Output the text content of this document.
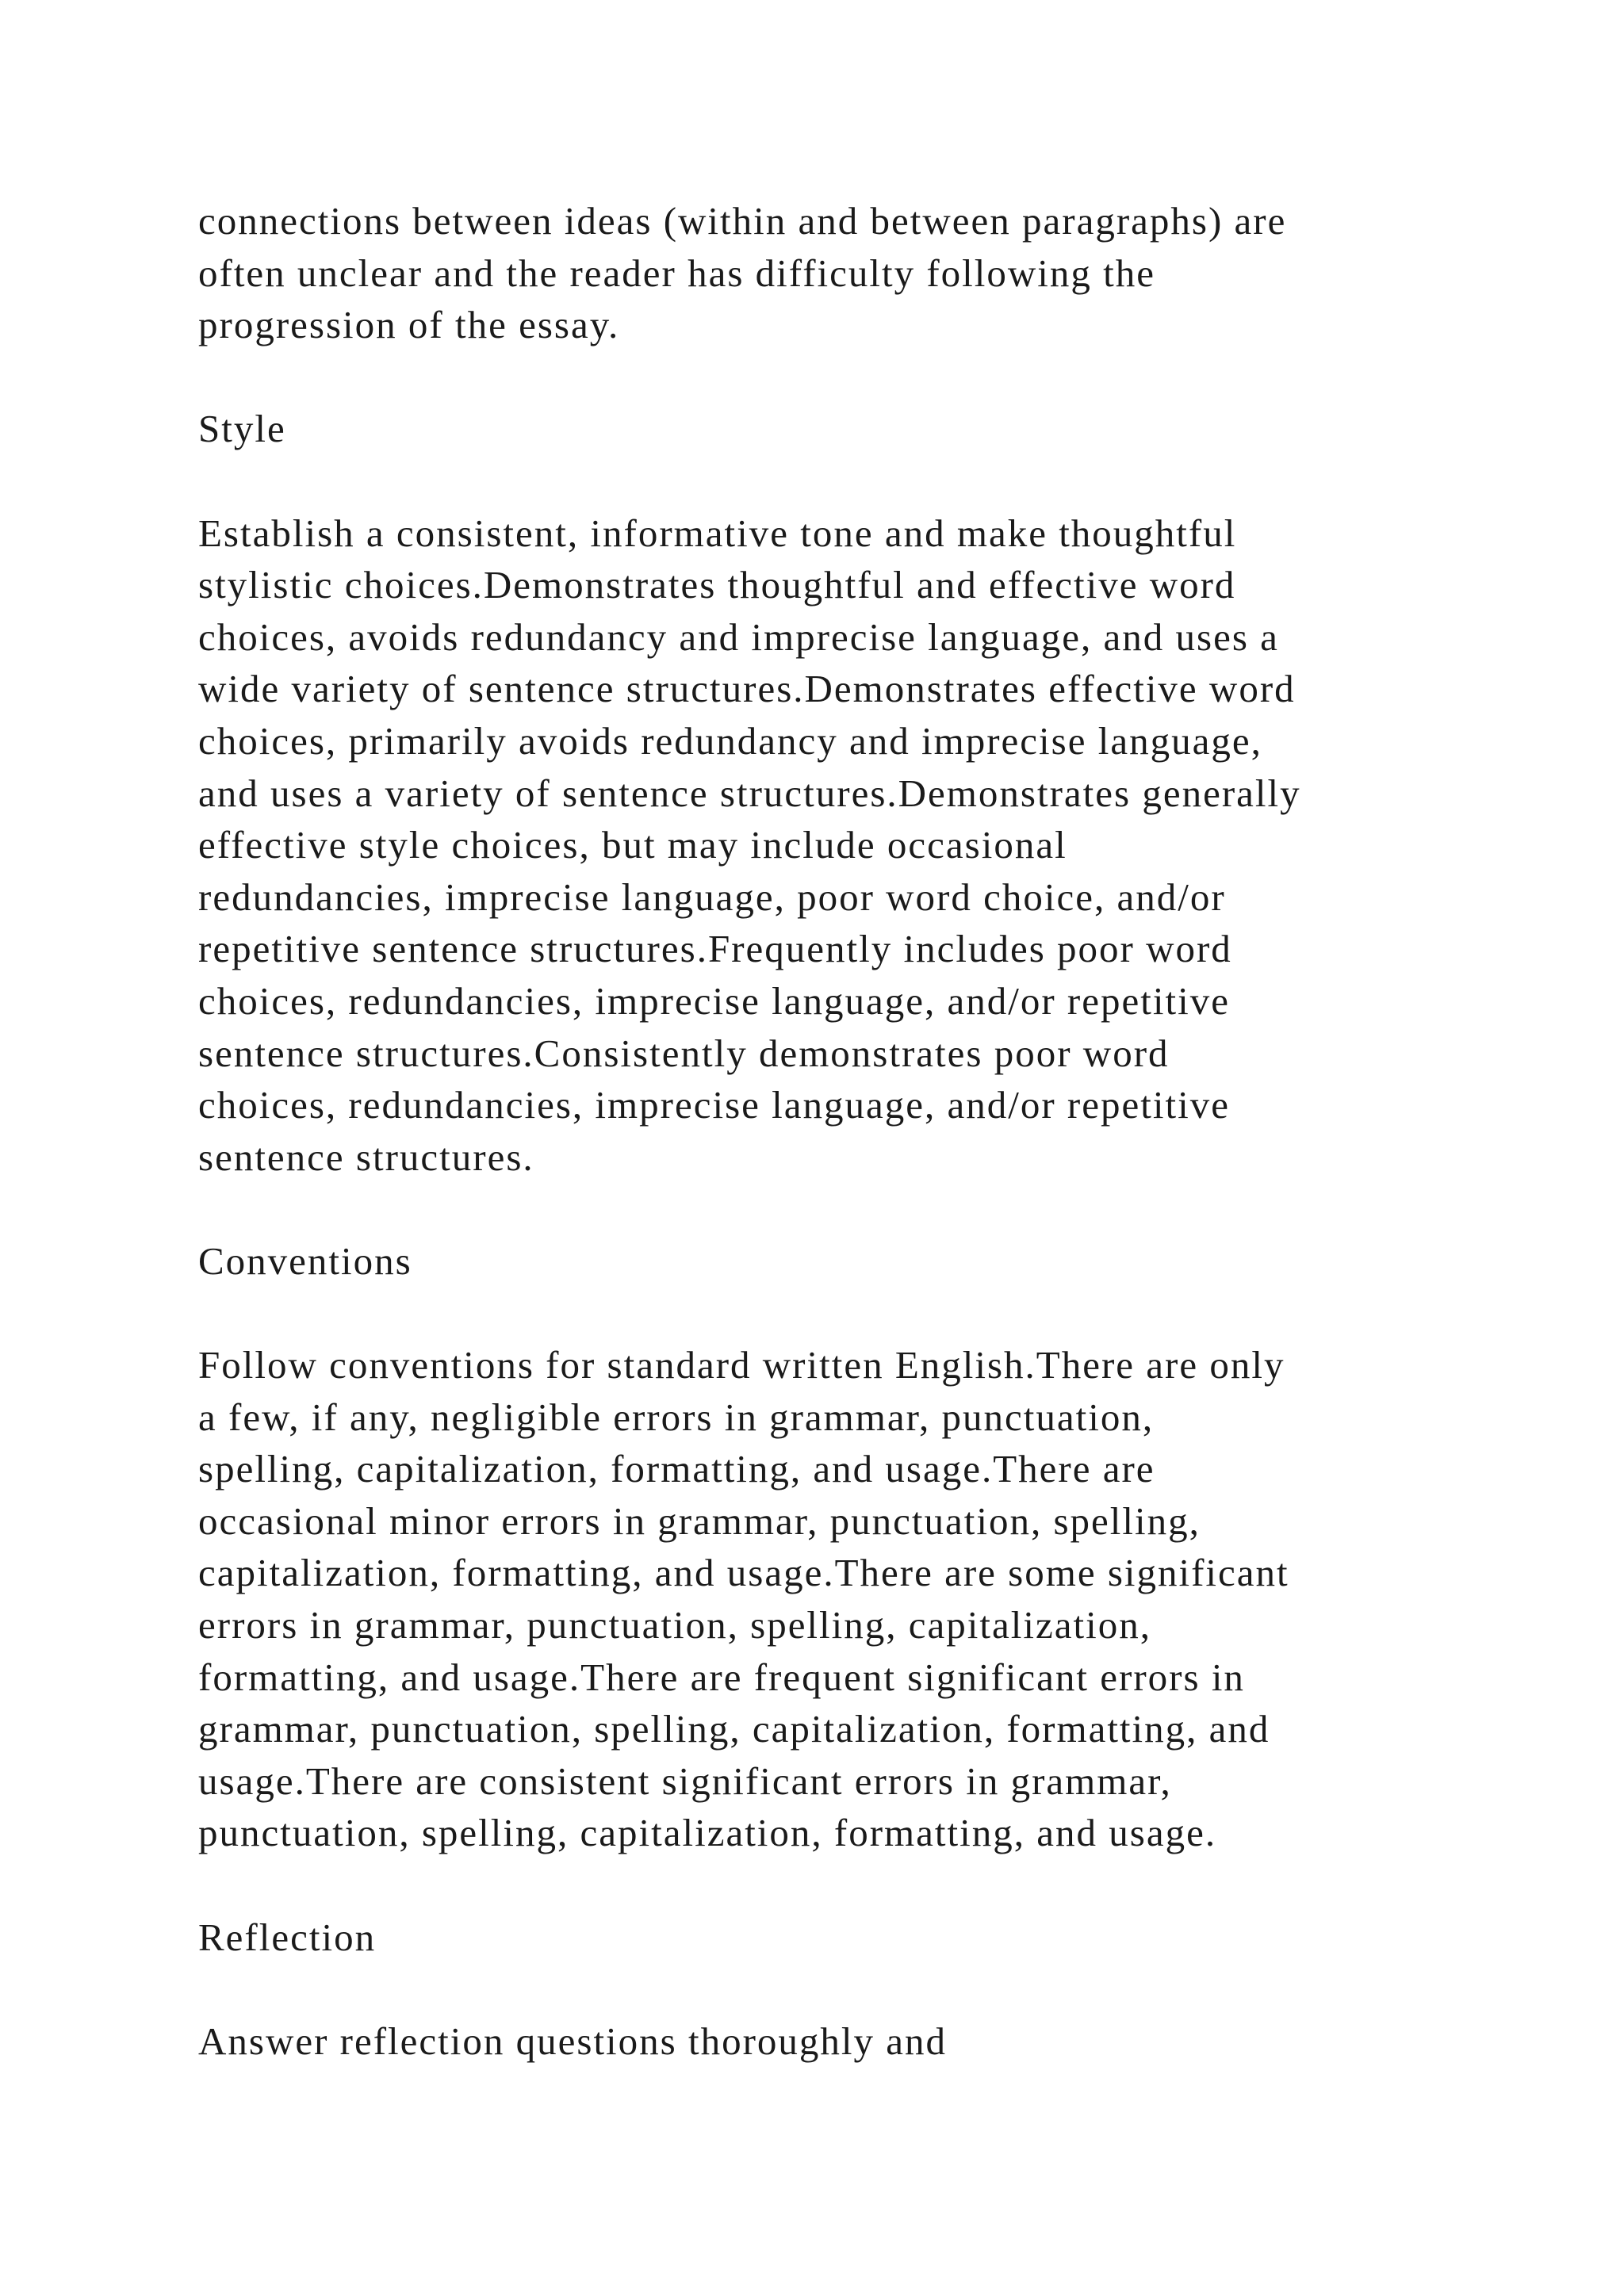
connections between ideas (within and between paragraphs) are
often unclear and the reader has difficulty following the
progression of the essay.
Style
Establish a consistent, informative tone and make thoughtful
stylistic choices.Demonstrates thoughtful and effective word
choices, avoids redundancy and imprecise language, and uses a
wide variety of sentence structures.Demonstrates effective word
choices, primarily avoids redundancy and imprecise language,
and uses a variety of sentence structures.Demonstrates generally
effective style choices, but may include occasional
redundancies, imprecise language, poor word choice, and/or
repetitive sentence structures.Frequently includes poor word
choices, redundancies, imprecise language, and/or repetitive
sentence structures.Consistently demonstrates poor word
choices, redundancies, imprecise language, and/or repetitive
sentence structures.
Conventions
Follow conventions for standard written English.There are only
a few, if any, negligible errors in grammar, punctuation,
spelling, capitalization, formatting, and usage.There are
occasional minor errors in grammar, punctuation, spelling,
capitalization, formatting, and usage.There are some significant
errors in grammar, punctuation, spelling, capitalization,
formatting, and usage.There are frequent significant errors in
grammar, punctuation, spelling, capitalization, formatting, and
usage.There are consistent significant errors in grammar,
punctuation, spelling, capitalization, formatting, and usage.
Reflection
Answer reflection questions thoroughly and
